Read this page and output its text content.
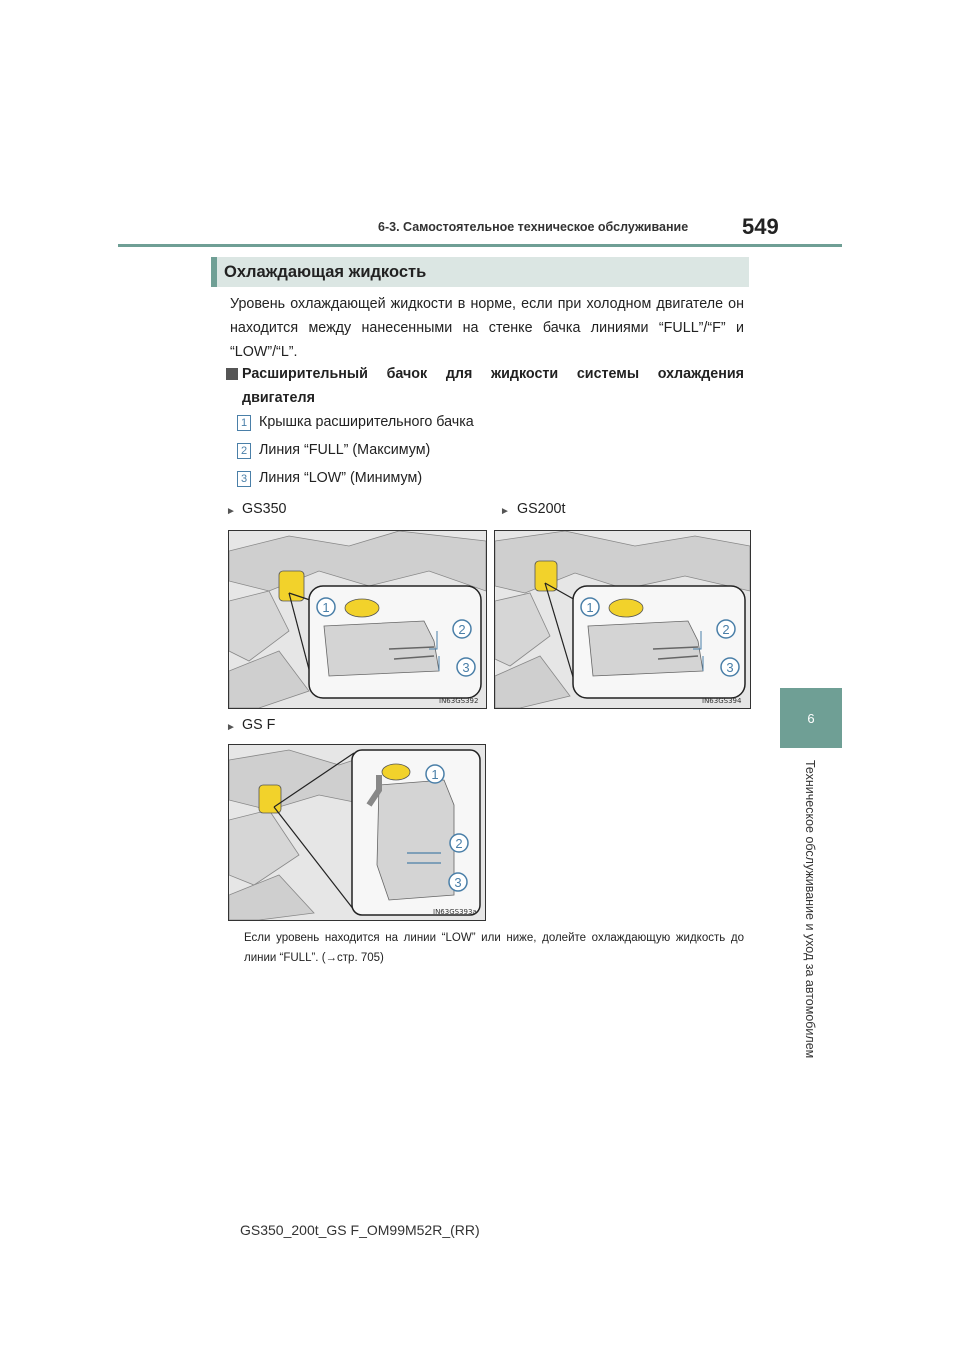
6-3. Самостоятельное техническое обслуживание 549
6
Техническое обслуживание и уход за автомобилем
Охлаждающая жидкость
Уровень охлаждающей жидкости в норме, если при холодном двигателе он находится между нанесенными на стенке бачка линиями “FULL”/“F” и “LOW”/“L”.
Расширительный бачок для жидкости системы охлаждения двигателя
1 Крышка расширительного бачка
2 Линия “FULL” (Максимум)
3 Линия “LOW” (Минимум)
► GS350	► GS200t
1
2
3
IN63GS392
1
2
3
IN63GS394
► GS F
1
2
3
IN63GS393a
Если уровень находится на линии “LOW” или ниже, долейте охлаждающую жидкость до линии “FULL”. (→стр. 705)
GS350_200t_GS F_OM99M52R_(RR)
